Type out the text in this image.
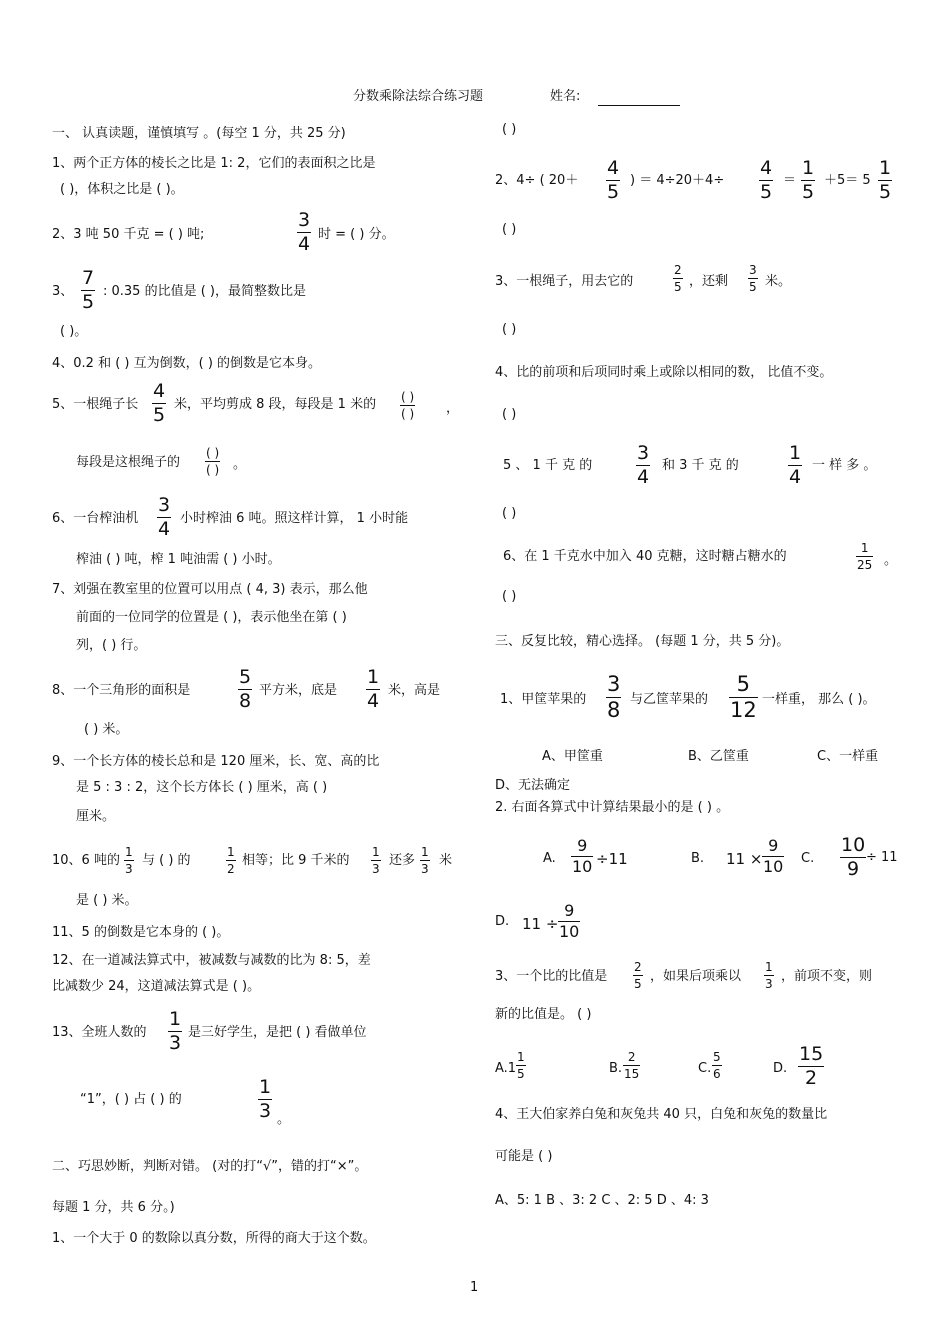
分数乘除法综合练习题	姓名:
一、 认真读题，谨慎填写 。(每空 1 分，共 25 分)
1、两个正方体的棱长之比是 1: 2，它们的表面积之比是
( )，体积之比是 ( )。
2、3 吨 50 千克 = ( ) 吨;
3
4 时 = ( ) 分。
3、
7
5 : 0.35 的比值是 ( )，最简整数比是
( )。
4、0.2 和 ( ) 互为倒数，( ) 的倒数是它本身。
5、一根绳子长
4
5 米，平均剪成 8 段，每段是 1 米的 ( )
( ) ，
每段是这根绳子的
( )
( ) 。
6、一台榨油机
3
4 小时榨油 6 吨。照这样计算， 1 小时能
榨油 ( ) 吨，榨 1 吨油需 ( ) 小时。
7、刘强在教室里的位置可以用点 ( 4, 3) 表示，那么他
前面的一位同学的位置是 ( )，表示他坐在第 ( )
列，( ) 行。
8、一个三角形的面积是
5
8 平方米，底是
1
4 米，高是
( ) 米。
9、一个长方体的棱长总和是 120 厘米，长、宽、高的比
是 5 : 3 : 2，这个长方体长 ( ) 厘米，高 ( )
厘米。
10、6 吨的
1
3
与 ( ) 的
1
2
相等；比 9 千米的
1
3
还多
1
3
米
是 ( ) 米。
11、5 的倒数是它本身的 ( )。
12、在一道减法算式中，被减数与减数的比为 8: 5，差
比减数少 24，这道减法算式是 ( )。
13、全班人数的
1
3 是三好学生，是把 ( ) 看做单位
“1”，( ) 占 ( ) 的
1
3 。
二、巧思妙断，判断对错。 (对的打“√”，错的打“×”。
每题 1 分，共 6 分。)
1、一个大于 0 的数除以真分数，所得的商大于这个数。
( )
2、4÷ ( 20＋
4
5
) ＝ 4÷20＋4÷
4
5
＝
1
5
＋5＝ 5
1
5
( )
3、一根绳子，用去它的
2
5 ，还剩
3
5 米。
( )
4、比的前项和后项同时乘上或除以相同的数， 比值不变。
( )
5 、 1 千 克 的
3
4
和 3 千 克 的
1
4
一 样 多 。
( )
6、在 1 千克水中加入 40 克糖，这时糖占糖水的
1
25 。
( )
三、反复比较，精心选择。 (每题 1 分，共 5 分)。
1、甲筐苹果的
3
8 与乙筐苹果的
5
12 一样重， 那么 ( )。
A、甲筐重	B、乙筐重	C、一样重
D、无法确定
2. 右面各算式中计算结果最小的是 ( ) 。
A.
9
10 ÷11	B. 11 ×
9
10 C.
10
9
÷ 11
D. 11 ÷
9
10
3、一个比的比值是
2
5 ，如果后项乘以
1
3 ，前项不变，则
新的比值是。 ( )
A.1
1
5	B.
2
15	C.
5
6	D.
15
2
4、王大伯家养白兔和灰兔共 40 只，白兔和灰兔的数量比
可能是 ( )
A、5: 1 B 、3: 2 C 、2: 5 D 、4: 3
1
